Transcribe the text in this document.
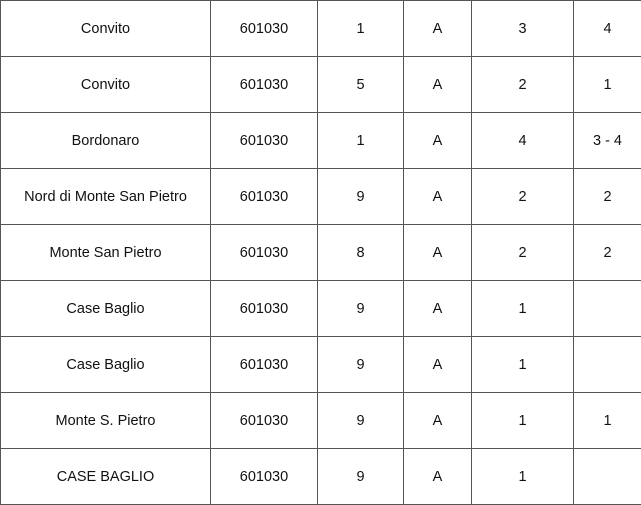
Convito	601030	1	A	3	4
Convito	601030	5	A	2	1
Bordonaro	601030	1	A	4	3 - 4
Nord di Monte San Pietro	601030	9	A	2	2
Monte San Pietro	601030	8	A	2	2
Case Baglio	601030	9	A	1	
Case Baglio	601030	9	A	1	
Monte S. Pietro	601030	9	A	1	1
CASE BAGLIO	601030	9	A	1	
